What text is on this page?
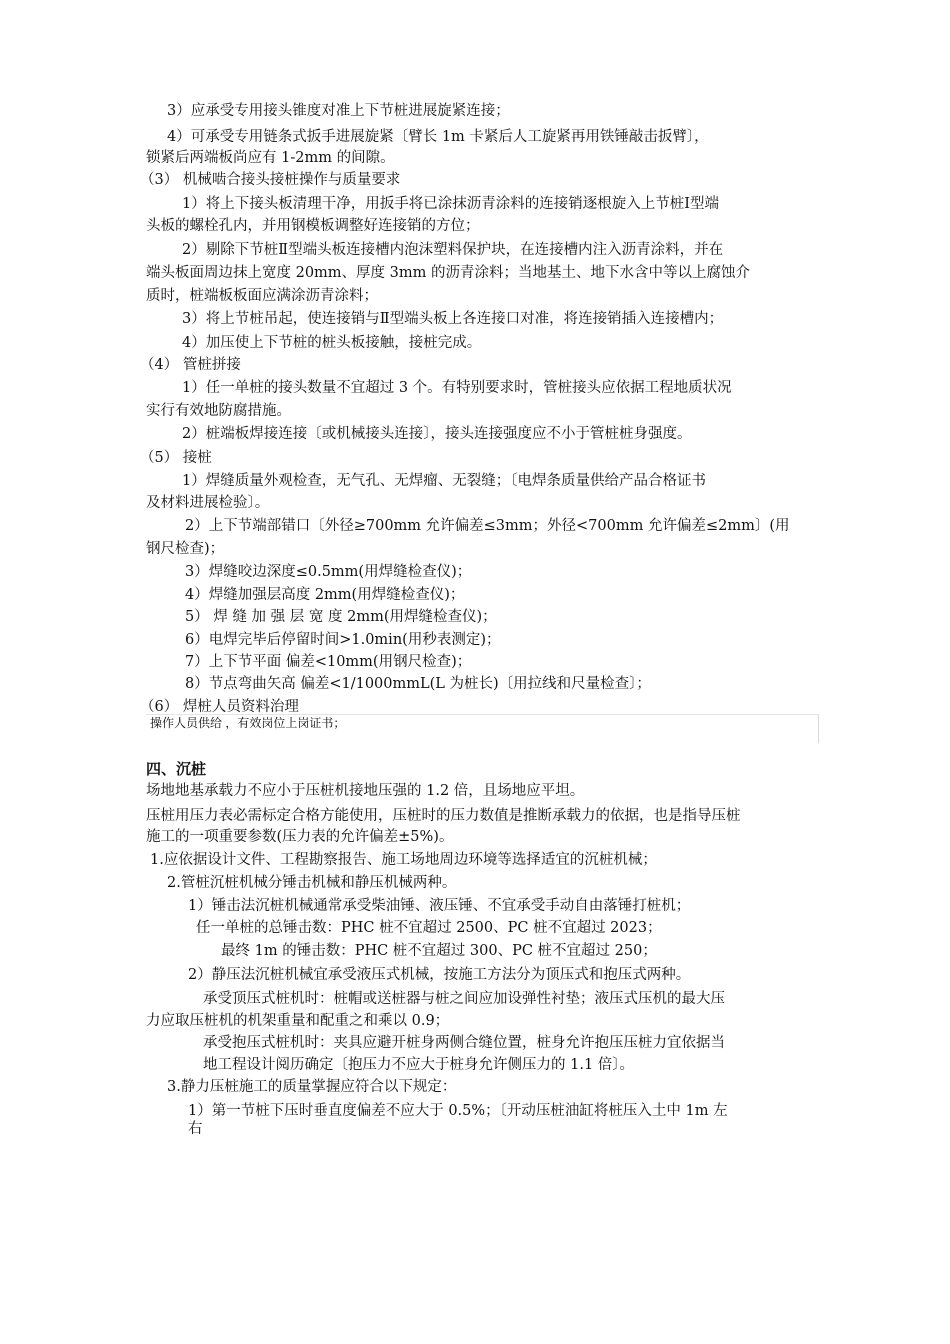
3）应承受专用接头锥度对准上下节桩进展旋紧连接；
4）可承受专用链条式扳手进展旋紧〔臂长 1m 卡紧后人工旋紧再用铁锤敲击扳臂〕，
锁紧后两端板尚应有 1-2mm 的间隙。
（3） 机械啮合接头接桩操作与质量要求
1）将上下接头板清理干净，用扳手将已涂抹沥青涂料的连接销逐根旋入上节桩Ⅰ型端
头板的螺栓孔内，并用钢模板调整好连接销的方位；
2）剔除下节桩Ⅱ型端头板连接槽内泡沫塑料保护块，在连接槽内注入沥青涂料，并在
端头板面周边抹上宽度 20mm、厚度 3mm 的沥青涂料；当地基土、地下水含中等以上腐蚀介
质时，桩端板板面应满涂沥青涂料；
3）将上节桩吊起，使连接销与Ⅱ型端头板上各连接口对准，将连接销插入连接槽内；
4）加压使上下节桩的桩头板接触，接桩完成。
（4） 管桩拼接
1）任一单桩的接头数量不宜超过 3 个。有特别要求时，管桩接头应依据工程地质状况
实行有效地防腐措施。
2）桩端板焊接连接〔或机械接头连接〕，接头连接强度应不小于管桩桩身强度。
（5） 接桩
1）焊缝质量外观检查，无气孔、无焊瘤、无裂缝；〔电焊条质量供给产品合格证书
及材料进展检验〕。
2）上下节端部错口〔外径≥700mm 允许偏差≤3mm；外径<700mm 允许偏差≤2mm〕(用
钢尺检查)；
3）焊缝咬边深度≤0.5mm(用焊缝检查仪)；
4）焊缝加强层高度 2mm(用焊缝检查仪)；
5） 焊 缝 加 强 层 宽 度 2mm(用焊缝检查仪)；
6）电焊完毕后停留时间>1.0min(用秒表测定)；
7）上下节平面 偏差<10mm(用钢尺检查)；
8）节点弯曲矢高 偏差<1/1000mmL(L 为桩长)〔用拉线和尺量检查〕；
（6） 焊桩人员资料治理
操作人员供给 ，有效岗位上岗证书；
四、沉桩
场地地基承载力不应小于压桩机接地压强的 1.2 倍，且场地应平坦。
压桩用压力表必需标定合格方能使用，压桩时的压力数值是推断承载力的依据，也是指导压桩
施工的一项重要参数(压力表的允许偏差±5%)。
1.应依据设计文件、工程勘察报告、施工场地周边环境等选择适宜的沉桩机械；
2.管桩沉桩机械分锤击机械和静压机械两种。
1）锤击法沉桩机械通常承受柴油锤、液压锤、不宜承受手动自由落锤打桩机；
任一单桩的总锤击数：PHC 桩不宜超过 2500、PC 桩不宜超过 2023；
最终 1m 的锤击数：PHC 桩不宜超过 300、PC 桩不宜超过 250；
2）静压法沉桩机械宜承受液压式机械，按施工方法分为顶压式和抱压式两种。
承受顶压式桩机时：桩帽或送桩器与桩之间应加设弹性衬垫；液压式压机的最大压
力应取压桩机的机架重量和配重之和乘以 0.9；
承受抱压式桩机时：夹具应避开桩身两侧合缝位置，桩身允许抱压压桩力宜依据当
地工程设计阅历确定〔抱压力不应大于桩身允许侧压力的 1.1 倍〕。
3.静力压桩施工的质量掌握应符合以下规定：
1）第一节桩下压时垂直度偏差不应大于 0.5%；〔开动压桩油缸将桩压入土中 1m 左
右
